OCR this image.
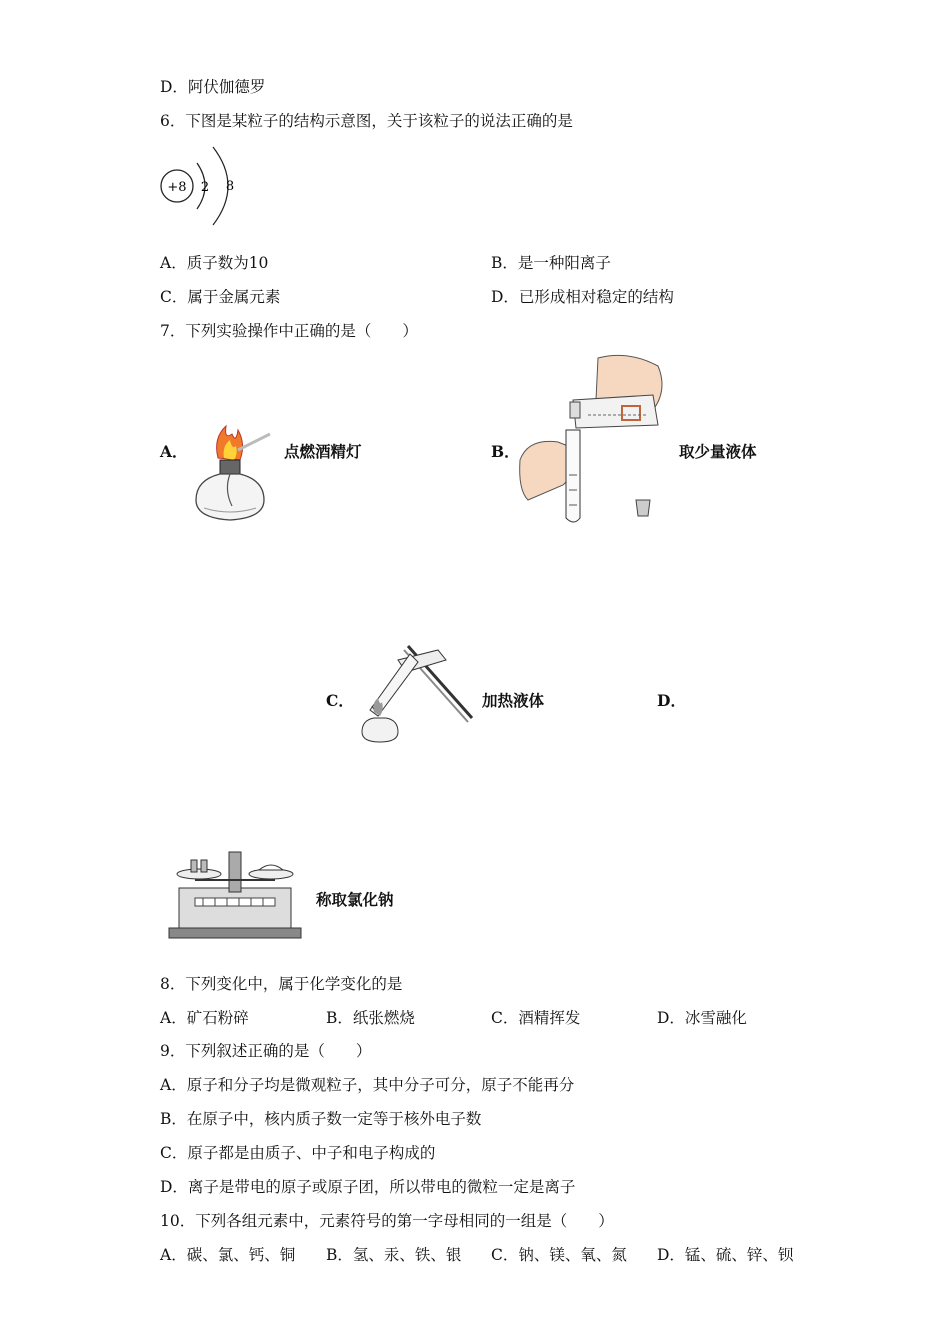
D．阿伏伽德罗
6．下图是某粒子的结构示意图，关于该粒子的说法正确的是
+8 2 8
A．质子数为10	B．是一种阳离子
C．属于金属元素	D．已形成相对稳定的结构
7．下列实验操作中正确的是（　　）
A．	点燃酒精灯	B．	取少量液体
C．	加热液体	D．
称取氯化钠
8．下列变化中，属于化学变化的是
A．矿石粉碎	B．纸张燃烧	C．酒精挥发	D．冰雪融化
9．下列叙述正确的是（　　）
A．原子和分子均是微观粒子，其中分子可分，原子不能再分
B．在原子中，核内质子数一定等于核外电子数
C．原子都是由质子、中子和电子构成的
D．离子是带电的原子或原子团，所以带电的微粒一定是离子
10．下列各组元素中，元素符号的第一字母相同的一组是（　　）
A．碳、氯、钙、铜 B．氢、汞、铁、银 C．钠、镁、氧、氮 D．锰、硫、锌、钡
